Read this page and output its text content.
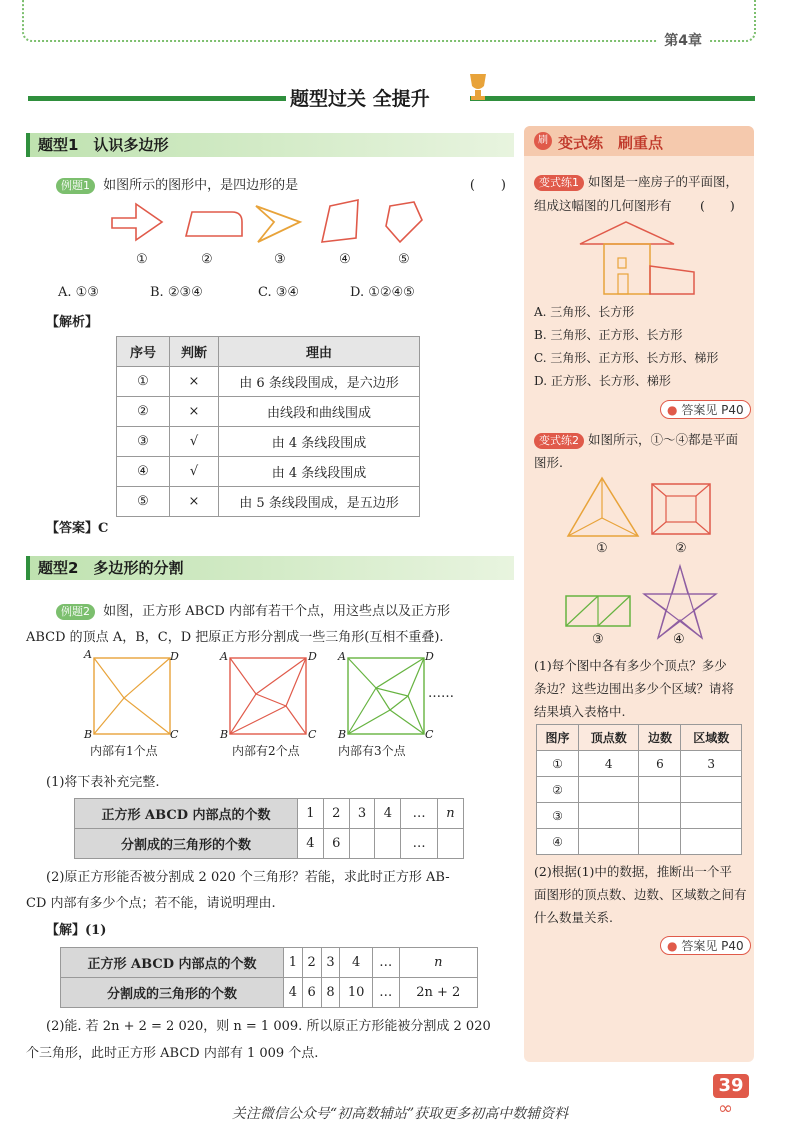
第4章
题型过关 全提升
题型1　认识多边形
例题1 如图所示的图形中，是四边形的是	(　　)
①	②	③	④	⑤
A. ①③	B. ②③④	C. ③④	D. ①②④⑤
【解析】
序号	判断	理由
①	×	由 6 条线段围成，是六边形
②	×	由线段和曲线围成
③	√	由 4 条线段围成
④	√	由 4 条线段围成
⑤	×	由 5 条线段围成，是五边形
【答案】C
题型2　多边形的分割
例题2 如图，正方形 ABCD 内部有若干个点，用这些点以及正方形
ABCD 的顶点 A，B，C，D 把原正方形分割成一些三角形(互相不重叠).
A	D
B	C
A	D
B	C
A	D
B	C
……
内部有1个点	内部有2个点	内部有3个点
(1)将下表补充完整.
正方形 ABCD 内部点的个数	1	2	3	4	…	n
分割成的三角形的个数	4	6			…	
(2)原正方形能否被分割成 2 020 个三角形？若能，求此时正方形 AB-
CD 内部有多少个点；若不能，请说明理由.
【解】(1)
正方形 ABCD 内部点的个数	1	2	3	4	…	n
分割成的三角形的个数	4	6	8	10	…	2n + 2
(2)能. 若 2n + 2 = 2 020，则 n = 1 009. 所以原正方形能被分割成 2 020
个三角形，此时正方形 ABCD 内部有 1 009 个点.
刷 变式练　刷重点
变式练1 如图是一座房子的平面图，
组成这幅图的几何图形有 (　　)
A. 三角形、长方形
B. 三角形、正方形、长方形
C. 三角形、正方形、长方形、梯形
D. 正方形、长方形、梯形
● 答案见 P40
变式练2 如图所示，①～④都是平面
图形.
①	②
③	④
(1)每个图中各有多少个顶点？多少
条边？这些边围出多少个区域？请将
结果填入表格中.
图序	顶点数	边数	区域数
①	4	6	3
②			
③			
④			
(2)根据(1)中的数据，推断出一个平
面图形的顶点数、边数、区域数之间有
什么数量关系.
● 答案见 P40
39
∞
关注微信公众号“初高数辅站”获取更多初高中数辅资料
